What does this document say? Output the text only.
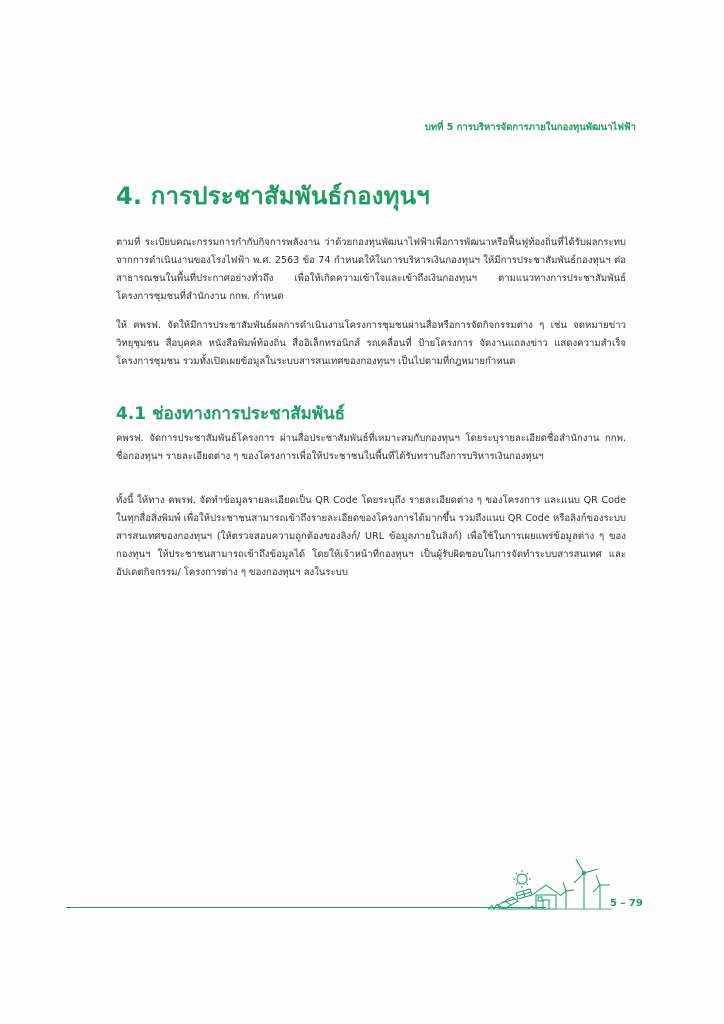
บทที่ 5 การบริหารจัดการภายในกองทุนพัฒนาไฟฟ้า
4. การประชาสัมพันธ์กองทุนฯ

ตามที่ ระเบียบคณะกรรมการกำกับกิจการพลังงาน ว่าด้วยกองทุนพัฒนาไฟฟ้าเพื่อการพัฒนาหรือฟื้นฟูท้องถิ่นที่ได้รับผลกระทบจากการดำเนินงานของโรงไฟฟ้า พ.ศ. 2563 ข้อ 74 กำหนดให้ในการบริหารเงินกองทุนฯ ให้มีการประชาสัมพันธ์กองทุนฯ ต่อสาธารณชนในพื้นที่ประกาศอย่างทั่วถึง เพื่อให้เกิดความเข้าใจและเข้าถึงเงินกองทุนฯ ตามแนวทางการประชาสัมพันธ์โครงการชุมชนที่สำนักงาน กกพ. กำหนด

ให้ คพรฟ. จัดให้มีการประชาสัมพันธ์ผลการดำเนินงานโครงการชุมชนผ่านสื่อหรือการจัดกิจกรรมต่าง ๆ เช่น จดหมายข่าว วิทยุชุมชน สื่อบุคคล หนังสือพิมพ์ท้องถิ่น สื่ออิเล็กทรอนิกส์ รถเคลื่อนที่ ป้ายโครงการ จัดงานแถลงข่าว แสดงความสำเร็จโครงการชุมชน รวมทั้งเปิดเผยข้อมูลในระบบสารสนเทศของกองทุนฯ เป็นไปตามที่กฎหมายกำหนด

4.1 ช่องทางการประชาสัมพันธ์

คพรฟ. จัดการประชาสัมพันธ์โครงการ ผ่านสื่อประชาสัมพันธ์ที่เหมาะสมกับกองทุนฯ โดยระบุรายละเอียดชื่อสำนักงาน กกพ. ชื่อกองทุนฯ รายละเอียดต่าง ๆ ของโครงการเพื่อให้ประชาชนในพื้นที่ได้รับทราบถึงการบริหารเงินกองทุนฯ

ทั้งนี้ ให้ทาง คพรฟ. จัดทำข้อมูลรายละเอียดเป็น QR Code โดยระบุถึง รายละเอียดต่าง ๆ ของโครงการ และแนบ QR Code ในทุกสื่อสิ่งพิมพ์ เพื่อให้ประชาชนสามารถเข้าถึงรายละเอียดของโครงการได้มากขึ้น รวมถึงแนบ QR Code หรือลิงก์ของระบบสารสนเทศของกองทุนฯ (ให้ตรวจสอบความถูกต้องของลิงก์/ URL ข้อมูลภายในลิงก์) เพื่อใช้ในการเผยแพร่ข้อมูลต่าง ๆ ของกองทุนฯ ให้ประชาชนสามารถเข้าถึงข้อมูลได้ โดยให้เจ้าหน้าที่กองทุนฯ เป็นผู้รับผิดชอบในการจัดทำระบบสารสนเทศ และอัปเดตกิจกรรม/ โครงการต่าง ๆ ของกองทุนฯ ลงในระบบ

5 – 79
